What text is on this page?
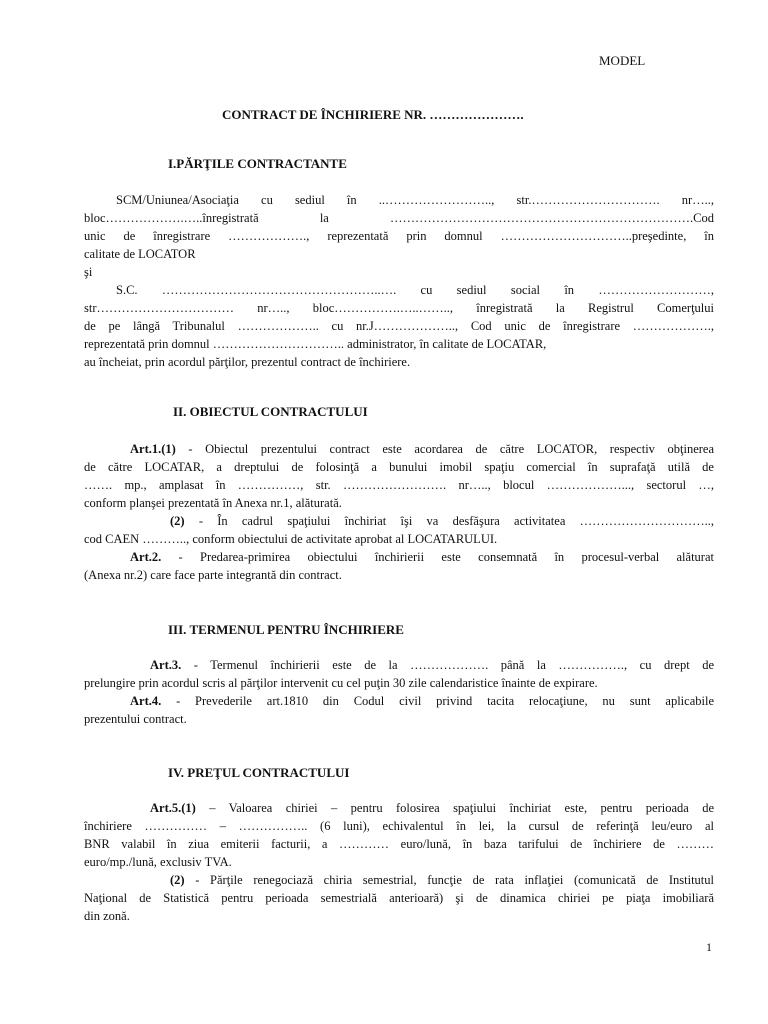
MODEL
CONTRACT DE ÎNCHIRIERE NR. ………………….
I.PĂRŢILE CONTRACTANTE
SCM/Uniunea/Asociaţia cu sediul în ..…………………….., str.…………………………. nr…..,
bloc……………….…..înregistrată la ……………………………………………………………….Cod
unic de înregistrare ………………., reprezentată prin domnul …………………………..preşedinte, în
calitate de LOCATOR
şi
S.C. ……………………………………………..…. cu sediul social în ………………………,
str…………………………… nr….., bloc…………….…..…….., înregistrată la Registrul Comerţului
de pe lângă Tribunalul ……………….. cu nr.J……………….., Cod unic de înregistrare ……………….,
reprezentată prin domnul ………………………….. administrator, în calitate de LOCATAR,
au încheiat, prin acordul părţilor, prezentul contract de închiriere.
II. OBIECTUL CONTRACTULUI
Art.1.(1) - Obiectul prezentului contract este acordarea de către LOCATOR, respectiv obţinerea
de către LOCATAR, a dreptului de folosinţă a bunului imobil spaţiu comercial în suprafaţă utilă de
……. mp., amplasat în ……………, str. ……………………. nr….., blocul ………………..., sectorul …,
conform planşei prezentată în Anexa nr.1, alăturată.
(2) - În cadrul spaţiului închiriat îşi va desfăşura activitatea …………………………..,
cod CAEN ……….., conform obiectului de activitate aprobat al LOCATARULUI.
Art.2. - Predarea-primirea obiectului închirierii este consemnată în procesul-verbal alăturat
(Anexa nr.2) care face parte integrantă din contract.
III. TERMENUL PENTRU ÎNCHIRIERE
Art.3. - Termenul închirierii este de la ………………. până la ……………., cu drept de
prelungire prin acordul scris al părţilor intervenit cu cel puţin 30 zile calendaristice înainte de expirare.
Art.4. - Prevederile art.1810 din Codul civil privind tacita relocaţiune, nu sunt aplicabile
prezentului contract.
IV. PREŢUL CONTRACTULUI
Art.5.(1) – Valoarea chiriei – pentru folosirea spaţiului închiriat este, pentru perioada de
închiriere …………… – …………….. (6 luni), echivalentul în lei, la cursul de referinţă leu/euro al
BNR valabil în ziua emiterii facturii, a ………… euro/lună, în baza tarifului de închiriere de ………
euro/mp./lună, exclusiv TVA.
(2) - Părţile renegociază chiria semestrial, funcţie de rata inflaţiei (comunicată de Institutul
Naţional de Statistică pentru perioada semestrială anterioară) şi de dinamica chiriei pe piaţa imobiliară
din zonă.
1
